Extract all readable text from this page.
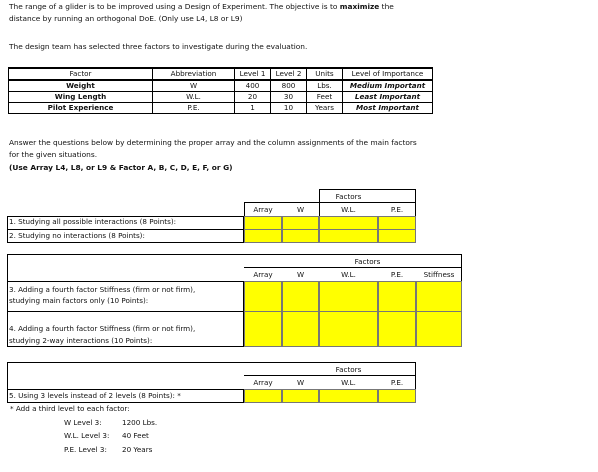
The range of a glider is to be improved using a Design of Experiment. The objective is to maximize the

distance by running an orthogonal DoE. (Only use L4, L8 or L9)

The design team has selected three factors to investigate during the evaluation.

Factor	Abbreviation	Level 1	Level 2	Units	Level of Importance
Weight	W	400	800	Lbs.	Medium Important
Wing Length	W.L.	20	30	Feet	Least Important
Pilot Experience	P.E.	1	10	Years	Most Important

Answer the questions below by determining the proper array and the column assignments of the main factors

for the given situations.

(Use Array L4, L8, or L9 & Factor A, B, C, D, E, F, or G)

Factors
Array	W	W.L.	P.E.
1. Studying all possible interactions (8 Points):
2. Studying no interactions (8 Points):
Factors
Array	W	W.L.	P.E.	Stiffness
3. Adding a fourth factor Stiffness (firm or not firm),
studying main factors only (10 Points):
4. Adding a fourth factor Stiffness (firm or not firm),
studying 2-way interactions (10 Points):
Factors
Array	W	W.L.	P.E.
5. Using 3 levels instead of 2 levels (8 Points): *
* Add a third level to each factor:
W Level 3:	1200 Lbs.
W.L. Level 3: 40 Feet
P.E. Level 3: 20 Years
